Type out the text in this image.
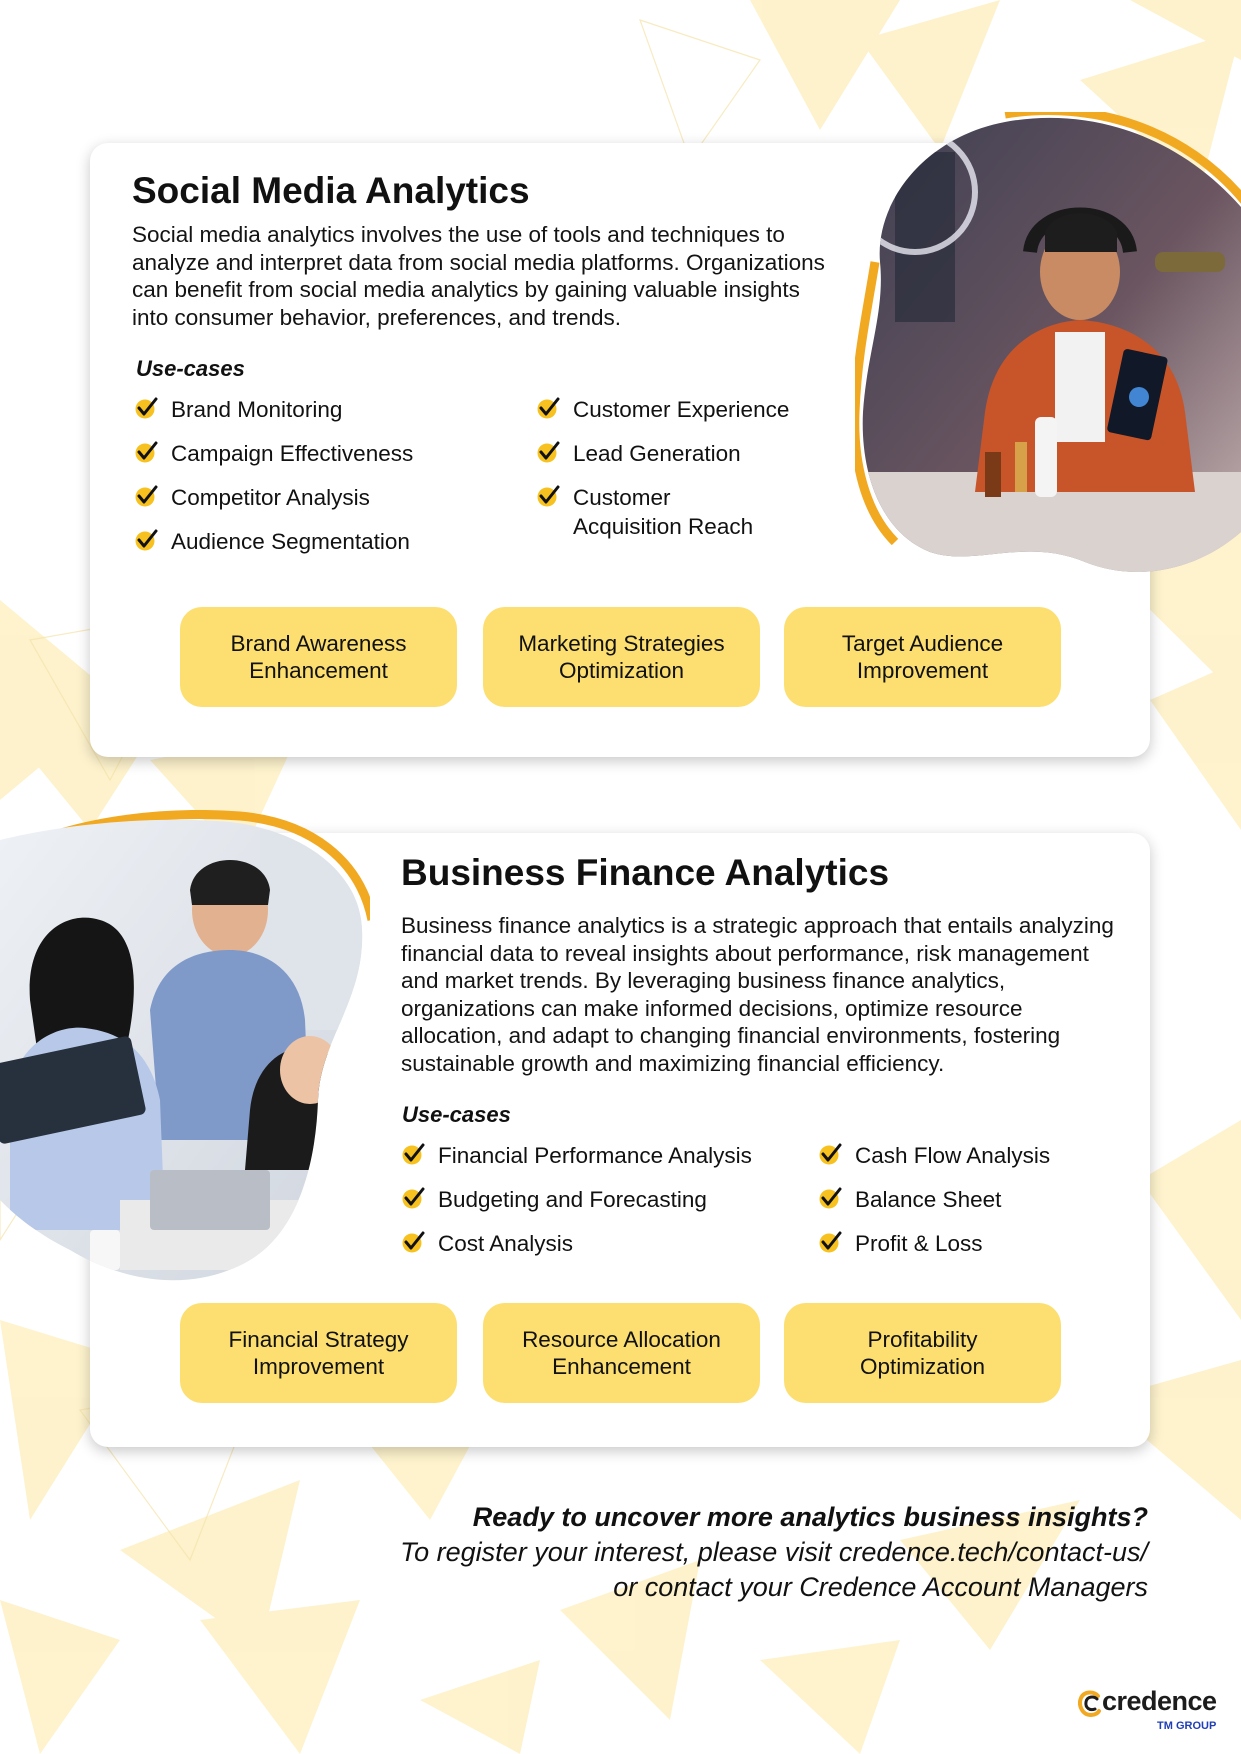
Social Media Analytics

Social media analytics involves the use of tools and techniques to analyze and interpret data from social media platforms. Organizations can benefit from social media analytics by gaining valuable insights into consumer behavior, preferences, and trends.

Use-cases

Brand Monitoring
Campaign Effectiveness
Competitor Analysis
Audience Segmentation
Customer Experience
Lead Generation
Customer Acquisition Reach
Brand Awareness Enhancement
Marketing Strategies Optimization
Target Audience Improvement
Business Finance Analytics

Business finance analytics is a strategic approach that entails analyzing financial data to reveal insights about performance, risk management and market trends. By leveraging business finance analytics, organizations can make informed decisions, optimize resource allocation, and adapt to changing financial environments, fostering sustainable growth and maximizing financial efficiency.

Use-cases

Financial Performance Analysis
Budgeting and Forecasting
Cost Analysis
Cash Flow Analysis
Balance Sheet
Profit & Loss
Financial Strategy Improvement
Resource Allocation Enhancement
Profitability Optimization

Ready to uncover more analytics business insights?

To register your interest, please visit credence.tech/contact-us/

or contact your Credence Account Managers

credence
TM GROUP
